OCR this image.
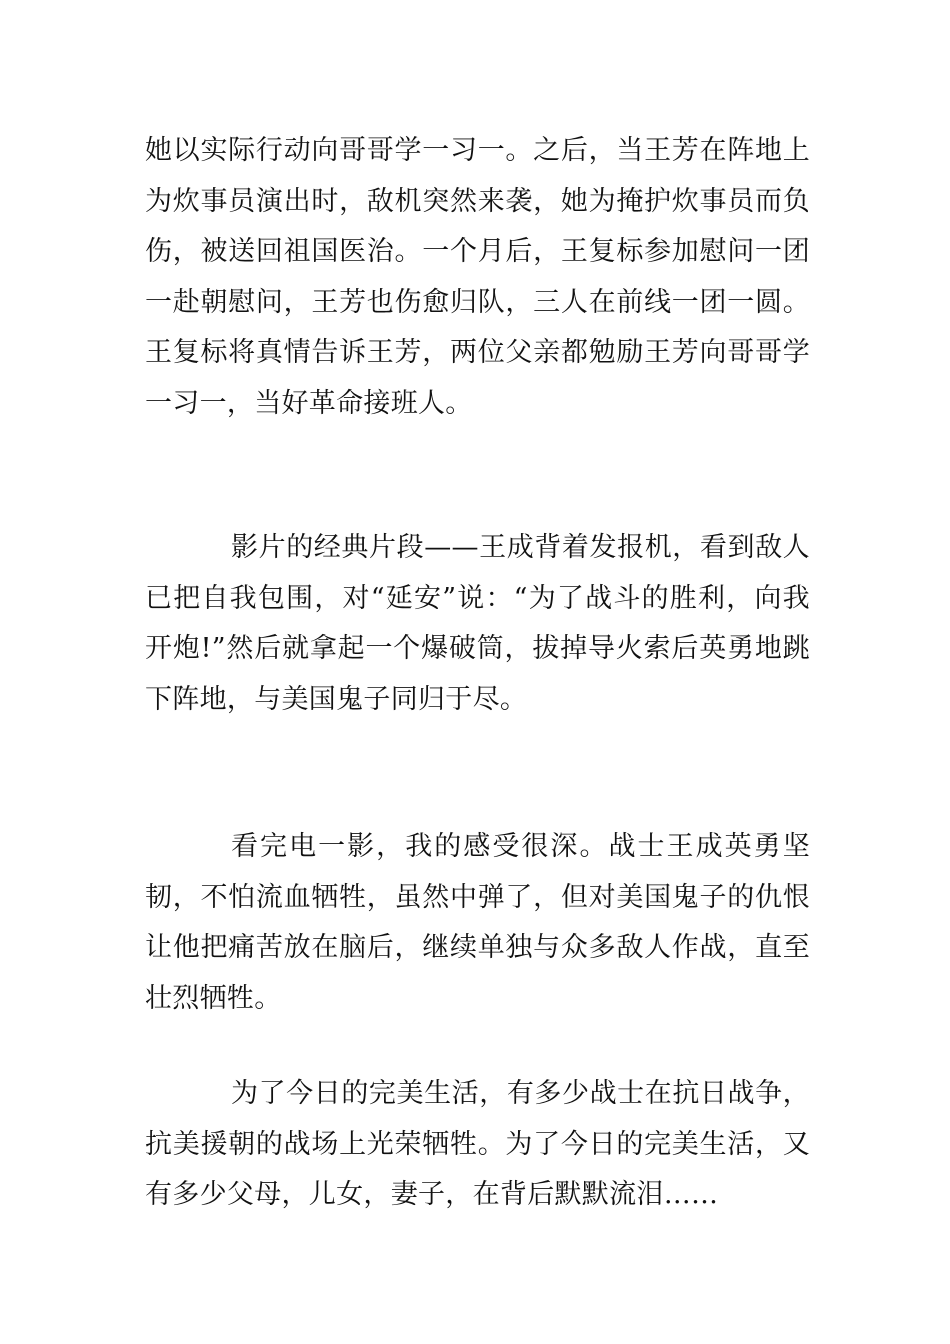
她以实际行动向哥哥学一习一。之后，当王芳在阵地上为炊事员演出时，敌机突然来袭，她为掩护炊事员而负伤，被送回祖国医治。一个月后，王复标参加慰问一团一赴朝慰问，王芳也伤愈归队，三人在前线一团一圆。王复标将真情告诉王芳，两位父亲都勉励王芳向哥哥学一习一，当好革命接班人。

影片的经典片段——王成背着发报机，看到敌人已把自我包围，对“延安”说：“为了战斗的胜利，向我开炮!”然后就拿起一个爆破筒，拔掉导火索后英勇地跳下阵地，与美国鬼子同归于尽。

看完电一影，我的感受很深。战士王成英勇坚韧，不怕流血牺牲，虽然中弹了，但对美国鬼子的仇恨让他把痛苦放在脑后，继续单独与众多敌人作战，直至壮烈牺牲。

为了今日的完美生活，有多少战士在抗日战争，抗美援朝的战场上光荣牺牲。为了今日的完美生活，又有多少父母，儿女，妻子，在背后默默流泪……
